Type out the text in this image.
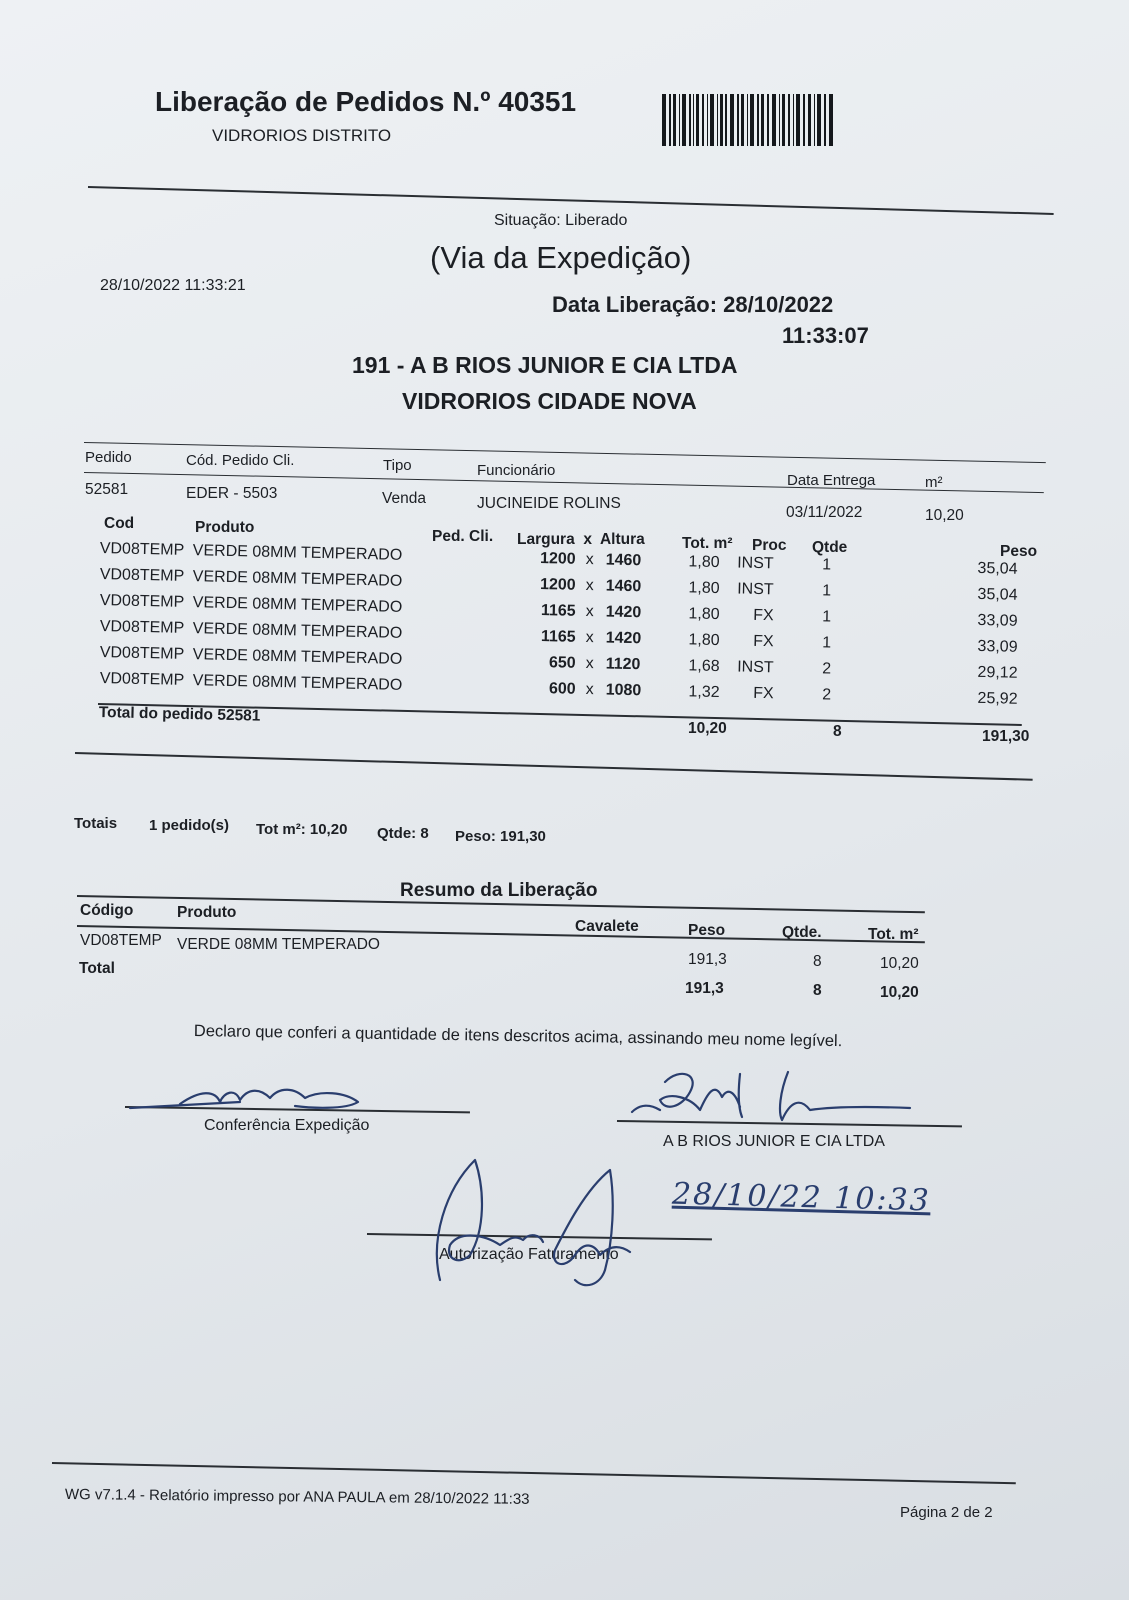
Liberação de Pedidos N.º 40351
VIDRORIOS DISTRITO
Situação: Liberado
(Via da Expedição)
28/10/2022 11:33:21
Data Liberação: 28/10/2022
11:33:07
191 - A B RIOS JUNIOR E CIA LTDA
VIDRORIOS CIDADE NOVA
Pedido	Cód. Pedido Cli.	Tipo	Funcionário
Data Entrega	m²
52581	EDER - 5503	Venda	JUCINEIDE ROLINS
03/11/2022	10,20
Cod	Produto
Ped. Cli. Largura  x  Altura Tot. m² Proc Qtde	Peso
VD08TEMP VERDE 08MM TEMPERADO	1200 x 1460	1,80	INST	1	35,04
VD08TEMP VERDE 08MM TEMPERADO	1200 x 1460	1,80	INST	1	35,04
VD08TEMP VERDE 08MM TEMPERADO	1165 x 1420	1,80	FX	1	33,09
VD08TEMP VERDE 08MM TEMPERADO	1165 x 1420	1,80	FX	1	33,09
VD08TEMP VERDE 08MM TEMPERADO	650 x 1120	1,68	INST	2	29,12
VD08TEMP VERDE 08MM TEMPERADO	600 x 1080	1,32	FX	2	25,92
Total do pedido 52581
10,20	8	191,30
Totais 1 pedido(s) Tot m²: 10,20 Qtde: 8 Peso: 191,30
Resumo da Liberação
Código	Produto
Cavalete	Peso	Qtde.	Tot. m²
VD08TEMP VERDE 08MM TEMPERADO
191,3	8	10,20
Total
191,3	8	10,20
Declaro que conferi a quantidade de itens descritos acima, assinando meu nome legível.
Conferência Expedição
A B RIOS JUNIOR E CIA LTDA
Autorização Faturamento
28/10/22 10:33
WG v7.1.4 - Relatório impresso por ANA PAULA em 28/10/2022 11:33
Página 2 de 2
